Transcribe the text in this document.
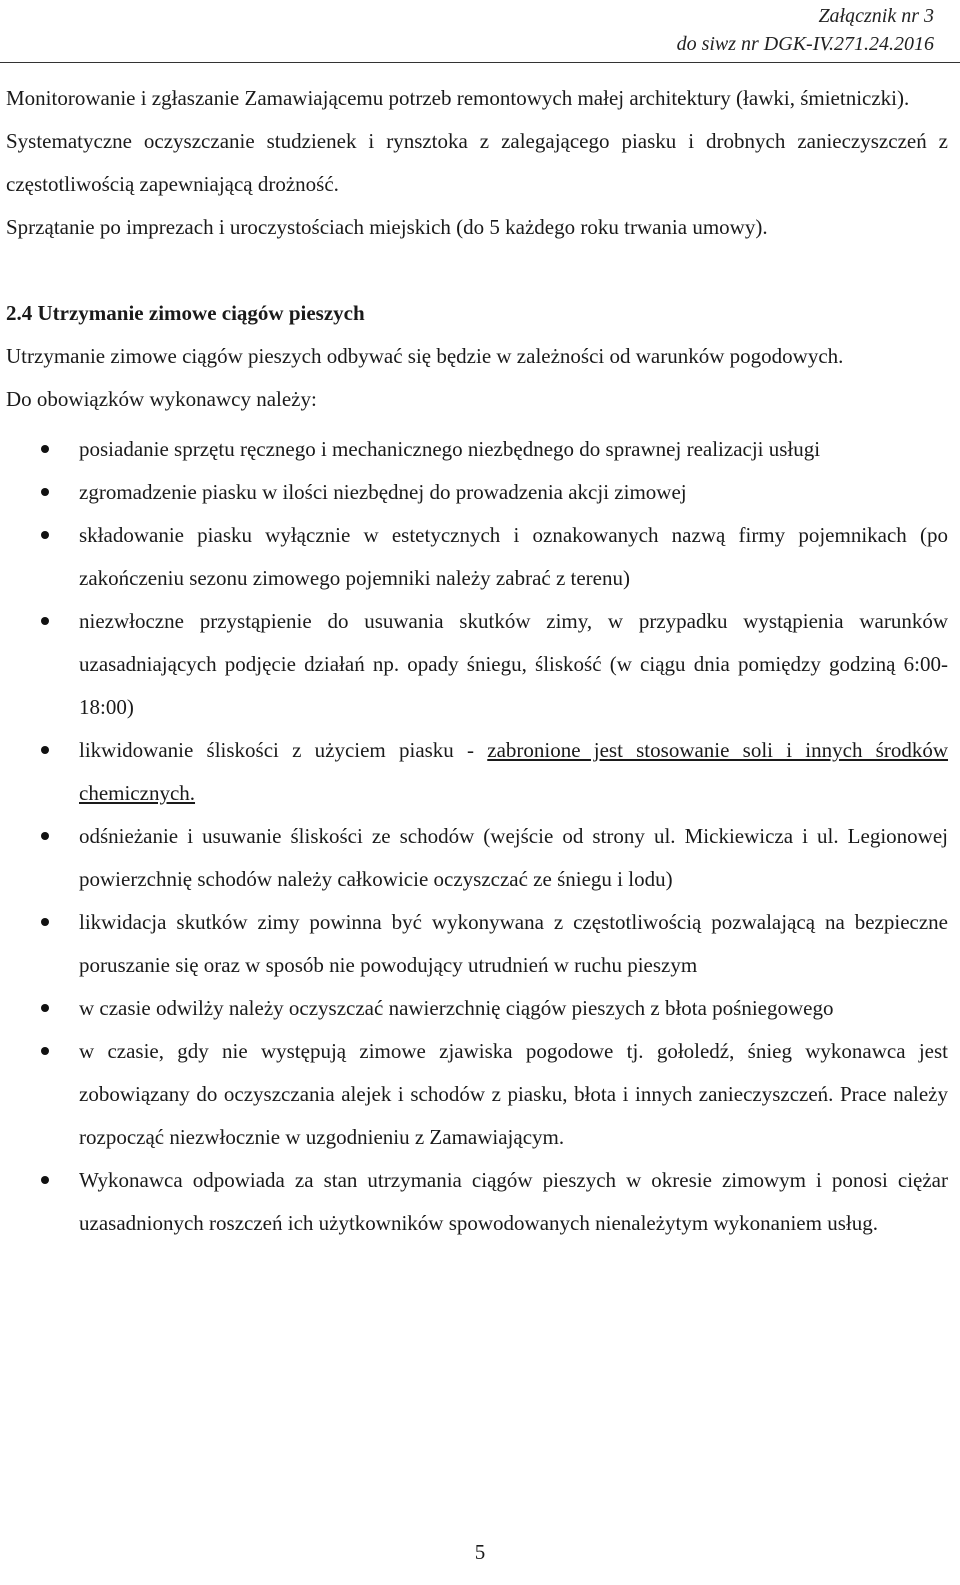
Załącznik nr 3
do siwz nr DGK-IV.271.24.2016

Monitorowanie i zgłaszanie Zamawiającemu potrzeb remontowych małej architektury (ławki, śmietniczki).

Systematyczne oczyszczanie studzienek i rynsztoka z zalegającego piasku i drobnych zanieczyszczeń z częstotliwością zapewniającą drożność.

Sprzątanie po imprezach i uroczystościach miejskich (do 5 każdego roku trwania umowy).

2.4 Utrzymanie zimowe ciągów pieszych

Utrzymanie zimowe ciągów pieszych odbywać się będzie w zależności od warunków pogodowych.

Do obowiązków wykonawcy należy:

posiadanie sprzętu ręcznego i mechanicznego niezbędnego do sprawnej realizacji usługi
zgromadzenie piasku w ilości niezbędnej do prowadzenia akcji zimowej
składowanie piasku wyłącznie w estetycznych i oznakowanych nazwą firmy pojemnikach (po zakończeniu sezonu zimowego pojemniki należy zabrać z terenu)
niezwłoczne przystąpienie do usuwania skutków zimy, w przypadku wystąpienia warunków uzasadniających podjęcie działań np. opady śniegu, śliskość (w ciągu dnia pomiędzy godziną 6:00-18:00)
likwidowanie śliskości z użyciem piasku - zabronione jest stosowanie soli i innych środków chemicznych.
odśnieżanie i usuwanie śliskości ze schodów (wejście od strony ul. Mickiewicza i ul. Legionowej powierzchnię schodów należy całkowicie oczyszczać ze śniegu i lodu)
likwidacja skutków zimy powinna być wykonywana z częstotliwością pozwalającą na bezpieczne poruszanie się oraz w sposób nie powodujący utrudnień w ruchu pieszym
w czasie odwilży należy oczyszczać nawierzchnię ciągów pieszych z błota pośniegowego
w czasie, gdy nie występują zimowe zjawiska pogodowe tj. gołoledź, śnieg wykonawca jest zobowiązany do oczyszczania alejek i schodów z piasku, błota i innych zanieczyszczeń. Prace należy rozpocząć niezwłocznie w uzgodnieniu z Zamawiającym.
Wykonawca odpowiada za stan utrzymania ciągów pieszych w okresie zimowym i ponosi ciężar uzasadnionych roszczeń ich użytkowników spowodowanych nienależytym wykonaniem usług.
5
